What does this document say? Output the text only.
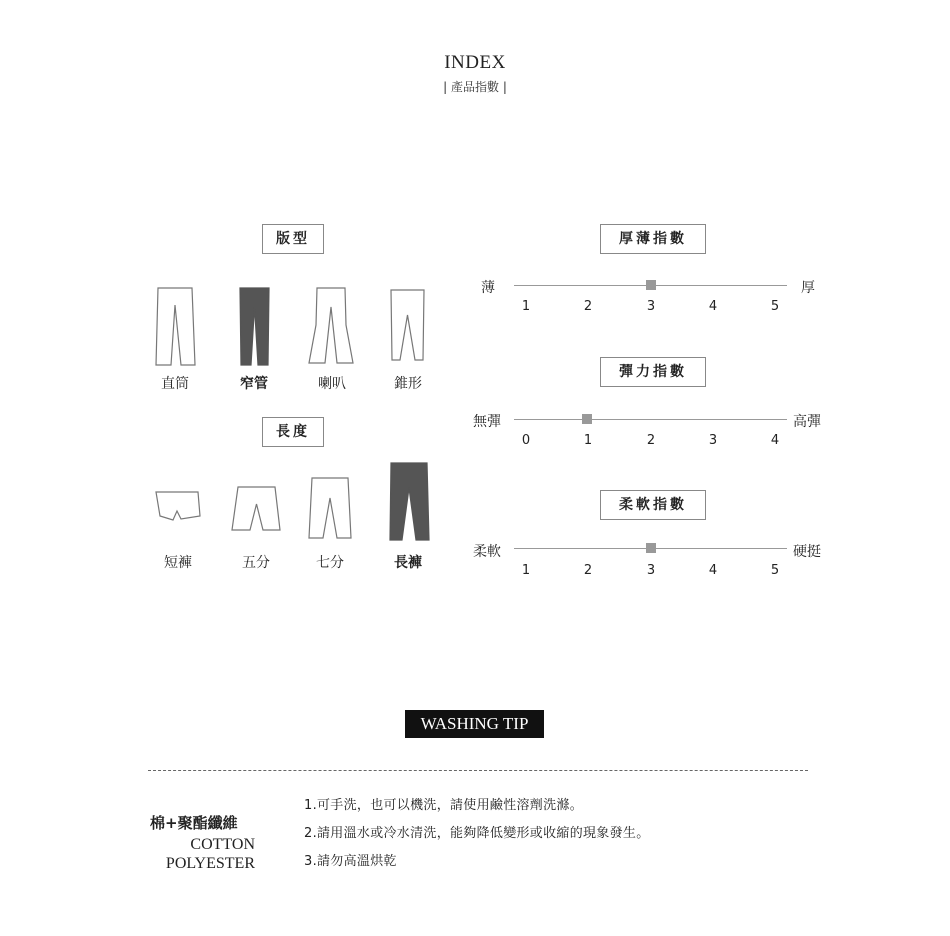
INDEX
| 產品指數 |
版型
直筒	窄管	喇叭	錐形
長度
短褲	五分	七分	長褲
厚薄指數
薄	厚
1	2	3	4	5
彈力指數
無彈	高彈
0	1	2	3	4
柔軟指數
柔軟	硬挺
1	2	3	4	5
WASHING TIP
棉+聚酯纖維
COTTON
POLYESTER
1.可手洗，也可以機洗，請使用鹼性溶劑洗滌。
2.請用溫水或冷水清洗，能夠降低變形或收縮的現象發生。
3.請勿高溫烘乾
